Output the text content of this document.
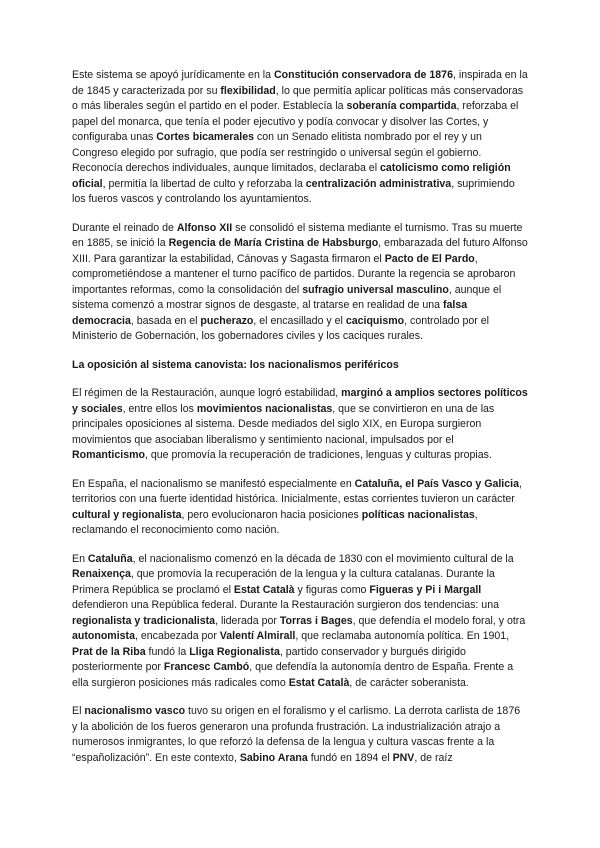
Este sistema se apoyó jurídicamente en la Constitución conservadora de 1876, inspirada en la de 1845 y caracterizada por su flexibilidad, lo que permitía aplicar políticas más conservadoras o más liberales según el partido en el poder. Establecía la soberanía compartida, reforzaba el papel del monarca, que tenía el poder ejecutivo y podía convocar y disolver las Cortes, y configuraba unas Cortes bicamerales con un Senado elitista nombrado por el rey y un Congreso elegido por sufragio, que podía ser restringido o universal según el gobierno. Reconocía derechos individuales, aunque limitados, declaraba el catolicismo como religión oficial, permitía la libertad de culto y reforzaba la centralización administrativa, suprimiendo los fueros vascos y controlando los ayuntamientos.

Durante el reinado de Alfonso XII se consolidó el sistema mediante el turnismo. Tras su muerte en 1885, se inició la Regencia de María Cristina de Habsburgo, embarazada del futuro Alfonso XIII. Para garantizar la estabilidad, Cánovas y Sagasta firmaron el Pacto de El Pardo, comprometiéndose a mantener el turno pacífico de partidos. Durante la regencia se aprobaron importantes reformas, como la consolidación del sufragio universal masculino, aunque el sistema comenzó a mostrar signos de desgaste, al tratarse en realidad de una falsa democracia, basada en el pucherazo, el encasillado y el caciquismo, controlado por el Ministerio de Gobernación, los gobernadores civiles y los caciques rurales.

La oposición al sistema canovista: los nacionalismos periféricos

El régimen de la Restauración, aunque logró estabilidad, marginó a amplios sectores políticos y sociales, entre ellos los movimientos nacionalistas, que se convirtieron en una de las principales oposiciones al sistema. Desde mediados del siglo XIX, en Europa surgieron movimientos que asociaban liberalismo y sentimiento nacional, impulsados por el Romanticismo, que promovía la recuperación de tradiciones, lenguas y culturas propias.

En España, el nacionalismo se manifestó especialmente en Cataluña, el País Vasco y Galicia, territorios con una fuerte identidad histórica. Inicialmente, estas corrientes tuvieron un carácter cultural y regionalista, pero evolucionaron hacia posiciones políticas nacionalistas, reclamando el reconocimiento como nación.

En Cataluña, el nacionalismo comenzó en la década de 1830 con el movimiento cultural de la Renaixença, que promovía la recuperación de la lengua y la cultura catalanas. Durante la Primera República se proclamó el Estat Català y figuras como Figueras y Pi i Margall defendieron una República federal. Durante la Restauración surgieron dos tendencias: una regionalista y tradicionalista, liderada por Torras i Bages, que defendía el modelo foral, y otra autonomista, encabezada por Valentí Almirall, que reclamaba autonomía política. En 1901, Prat de la Riba fundó la Lliga Regionalista, partido conservador y burgués dirigido posteriormente por Francesc Cambó, que defendía la autonomía dentro de España. Frente a ella surgieron posiciones más radicales como Estat Català, de carácter soberanista.

El nacionalismo vasco tuvo su origen en el foralismo y el carlismo. La derrota carlista de 1876 y la abolición de los fueros generaron una profunda frustración. La industrialización atrajo a numerosos inmigrantes, lo que reforzó la defensa de la lengua y cultura vascas frente a la “españolización”. En este contexto, Sabino Arana fundó en 1894 el PNV, de raíz
